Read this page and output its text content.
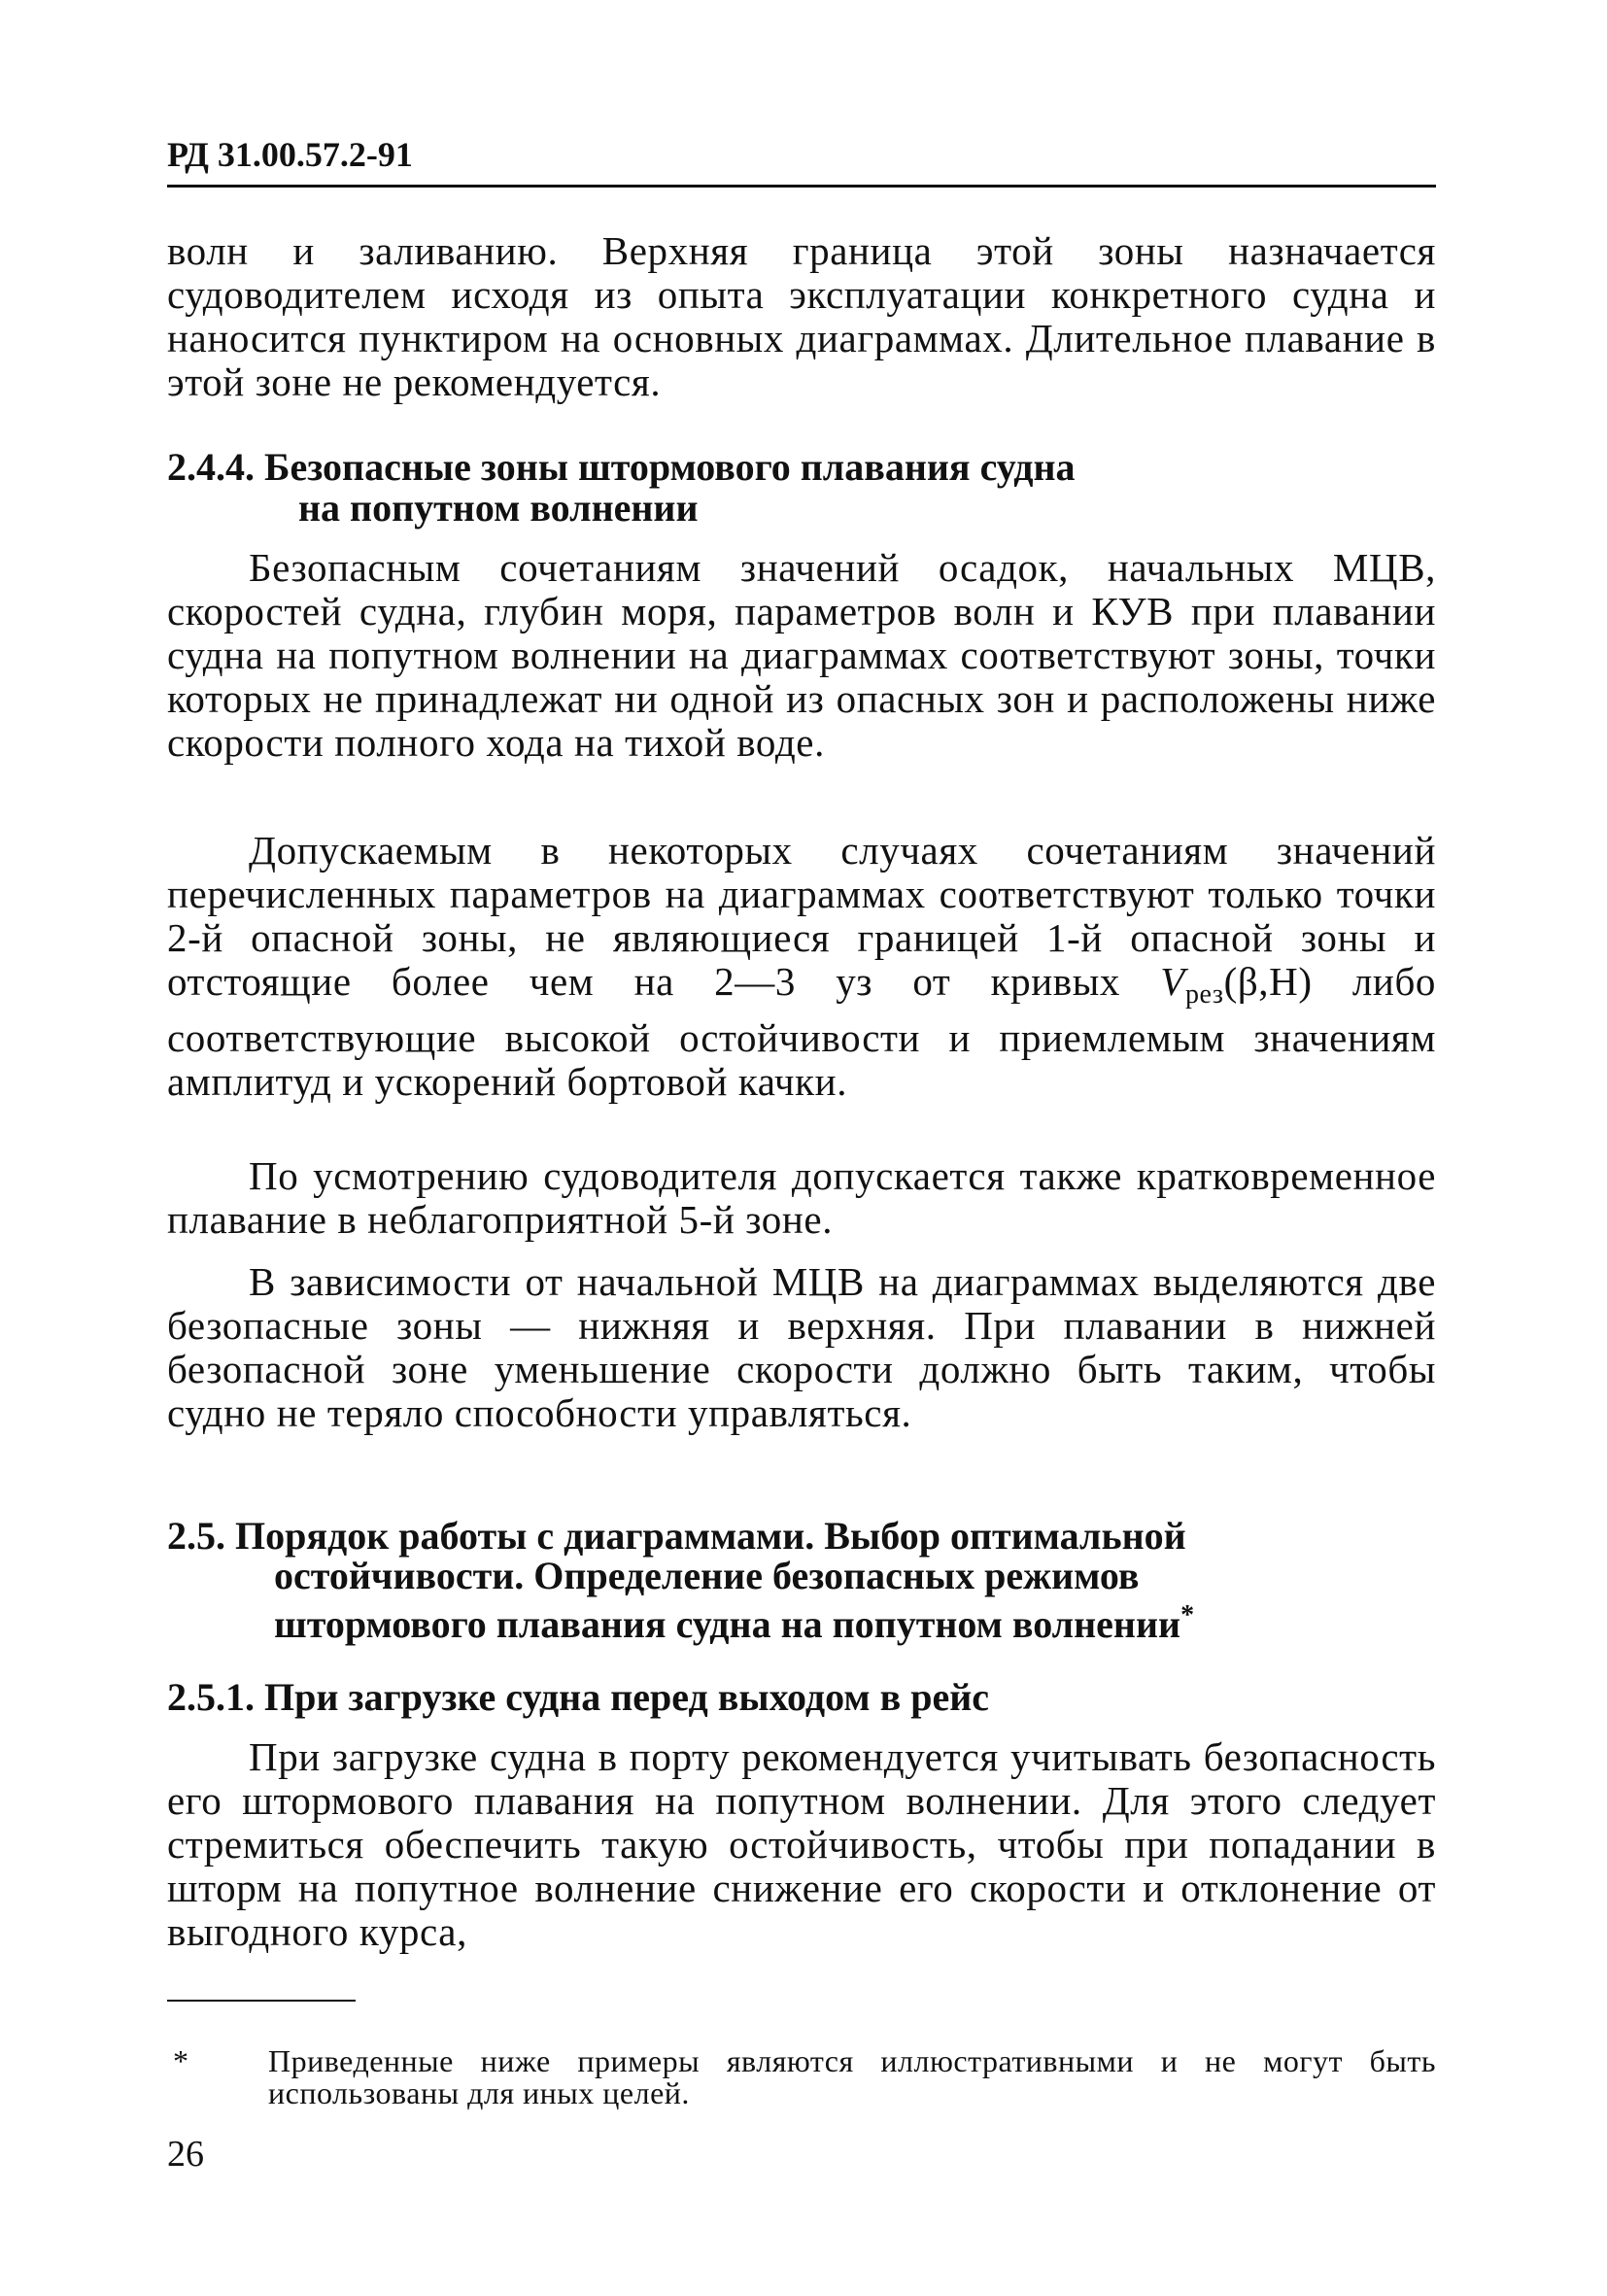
РД 31.00.57.2-91

волн и заливанию. Верхняя граница этой зоны назначается судоводителем исходя из опыта эксплуатации конкретного судна и наносится пунктиром на основных диаграммах. Длительное плавание в этой зоне не рекомендуется.

2.4.4. Безопасные зоны штормового плавания судна
на попутном волнении

Безопасным сочетаниям значений осадок, начальных МЦВ, скоростей судна, глубин моря, параметров волн и КУВ при плавании судна на попутном волнении на диаграммах соответствуют зоны, точки которых не принадлежат ни одной из опасных зон и расположены ниже скорости полного хода на тихой воде.

Допускаемым в некоторых случаях сочетаниям значений перечисленных параметров на диаграммах соответствуют только точки 2-й опасной зоны, не являющиеся границей 1-й опасной зоны и отстоящие более чем на 2—3 уз от кривых $V_{рез}(\beta,Н)$ либо соответствующие высокой остойчивости и приемлемым значениям амплитуд и ускорений бортовой качки.

По усмотрению судоводителя допускается также кратковременное плавание в неблагоприятной 5-й зоне.

В зависимости от начальной МЦВ на диаграммах выделяются две безопасные зоны — нижняя и верхняя. При плавании в нижней безопасной зоне уменьшение скорости должно быть таким, чтобы судно не теряло способности управляться.

2.5. Порядок работы с диаграммами. Выбор оптимальной
остойчивости. Определение безопасных режимов
штормового плавания судна на попутном волнении*
2.5.1. При загрузке судна перед выходом в рейс

При загрузке судна в порту рекомендуется учитывать безопасность его штормового плавания на попутном волнении. Для этого следует стремиться обеспечить такую остойчивость, чтобы при попадании в шторм на попутное волнение снижение его скорости и отклонение от выгодного курса,

*	Приведенные ниже примеры являются иллюстративными и не могут быть использованы для иных целей.
26
